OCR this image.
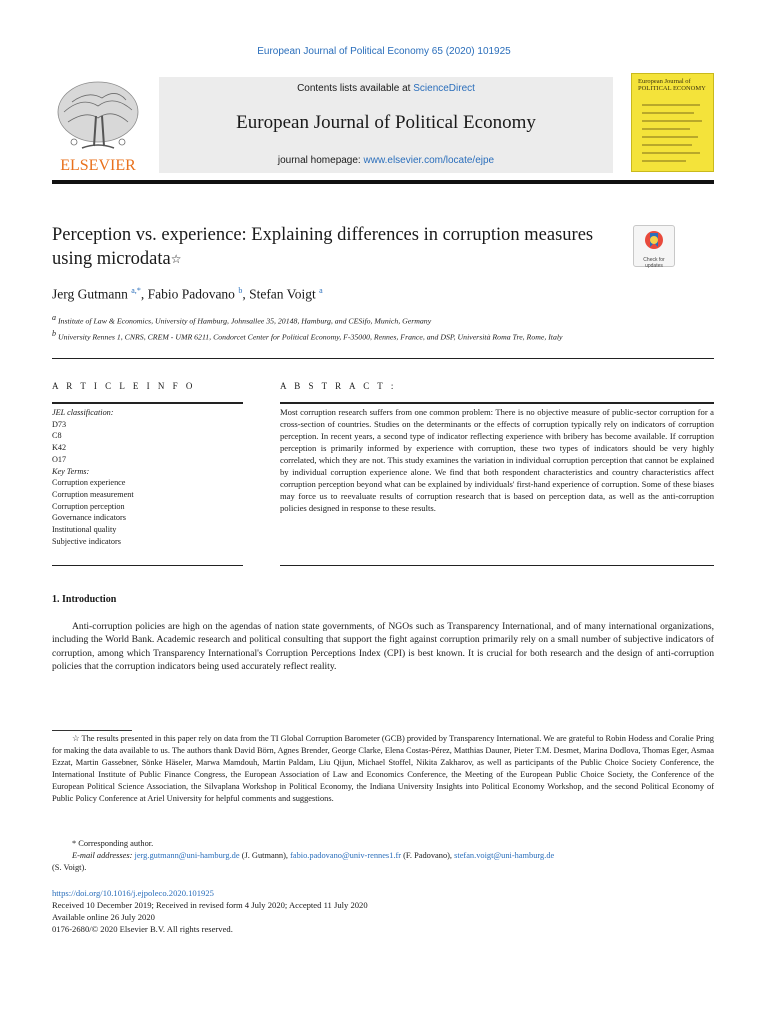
European Journal of Political Economy 65 (2020) 101925
ELSEVIER
Contents lists available at ScienceDirect
European Journal of Political Economy
journal homepage: www.elsevier.com/locate/ejpe
European Journal of POLITICAL ECONOMY
Perception vs. experience: Explaining differences in corruption measures using microdata☆	Check for updates
Jerg Gutmann $^{a,*}$, Fabio Padovano $^b$, Stefan Voigt $^a$
$^a$ Institute of Law & Economics, University of Hamburg, Johnsallee 35, 20148, Hamburg, and CESifo, Munich, Germany
$^b$ University Rennes 1, CNRS, CREM - UMR 6211, Condorcet Center for Political Economy, F-35000, Rennes, France, and DSP, Università Roma Tre, Rome, Italy
A R T I C L E I N F O	A B S T R A C T :
JEL classification:
D73
C8
K42
O17
Key Terms:
Corruption experience
Corruption measurement
Corruption perception
Governance indicators
Institutional quality
Subjective indicators
Most corruption research suffers from one common problem: There is no objective measure of public-sector corruption for a cross-section of countries. Studies on the determinants or the effects of corruption typically rely on indicators of corruption perception. In recent years, a second type of indicator reflecting experience with bribery has become available. If corruption perception is primarily informed by experience with corruption, these two types of indicators should be very highly correlated, which they are not. This study examines the variation in individual corruption perception that cannot be explained by individual corruption experience alone. We find that both respondent characteristics and country characteristics affect corruption perception beyond what can be explained by individuals' first-hand experience of corruption. Some of these biases may force us to reevaluate results of corruption research that is based on perception data, as well as the anti-corruption policies designed in response to these results.
1. Introduction
Anti-corruption policies are high on the agendas of nation state governments, of NGOs such as Transparency International, and of many international organizations, including the World Bank. Academic research and political consulting that support the fight against corruption primarily rely on a small number of subjective indicators of corruption, among which Transparency International's Corruption Perceptions Index (CPI) is best known. It is crucial for both research and the design of anti-corruption policies that the corruption indicators being used accurately reflect reality.

☆ The results presented in this paper rely on data from the TI Global Corruption Barometer (GCB) provided by Transparency International. We are grateful to Robin Hodess and Coralie Pring for making the data available to us. The authors thank David Börn, Agnes Brender, George Clarke, Elena Costas-Pérez, Matthias Dauner, Pieter T.M. Desmet, Marina Dodlova, Thomas Eger, Asmaa Ezzat, Martin Gassebner, Sönke Häseler, Marwa Mamdouh, Martin Paldam, Liu Qijun, Michael Stoffel, Nikita Zakharov, as well as participants of the Public Choice Society Conference, the International Institute of Public Finance Congress, the European Association of Law and Economics Conference, the Meeting of the European Public Choice Society, the Conference of the European Political Science Association, the Silvaplana Workshop in Political Economy, the Indiana University Insights into Political Economy Workshop, and the second Political Economy of Public Policy Conference at Ariel University for helpful comments and suggestions.

* Corresponding author.

E-mail addresses: jerg.gutmann@uni-hamburg.de (J. Gutmann), fabio.padovano@univ-rennes1.fr (F. Padovano), stefan.voigt@uni-hamburg.de

(S. Voigt).

https://doi.org/10.1016/j.ejpoleco.2020.101925
Received 10 December 2019; Received in revised form 4 July 2020; Accepted 11 July 2020
Available online 26 July 2020
0176-2680/© 2020 Elsevier B.V. All rights reserved.
